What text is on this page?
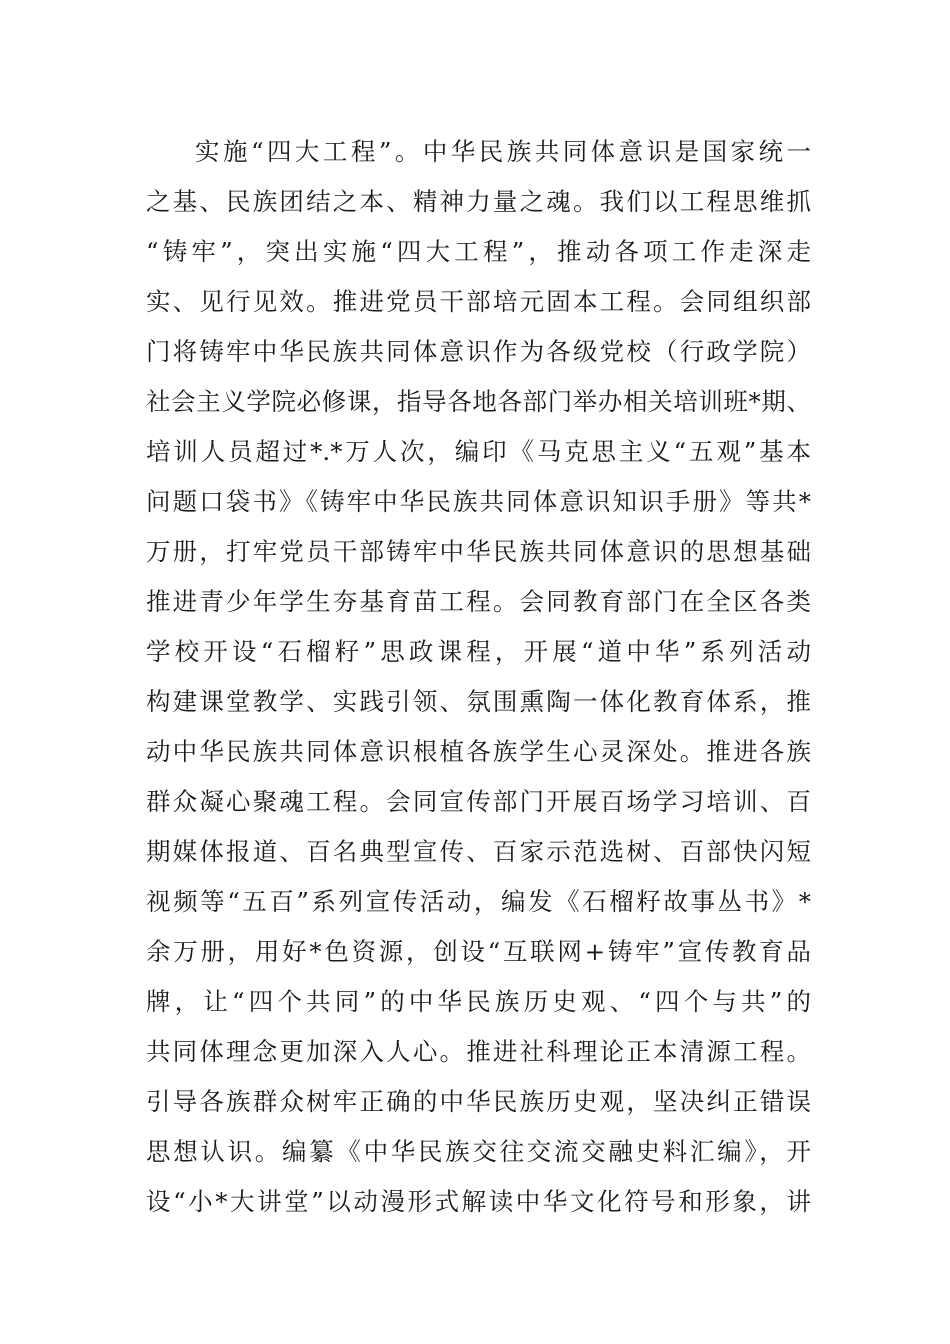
实施“四大工程”。中华民族共同体意识是国家统一
之基、民族团结之本、精神力量之魂。我们以工程思维抓
“铸牢”，突出实施“四大工程”，推动各项工作走深走
实、见行见效。推进党员干部培元固本工程。会同组织部
门将铸牢中华民族共同体意识作为各级党校（行政学院）
社会主义学院必修课，指导各地各部门举办相关培训班*期、
培训人员超过*.*万人次，编印《马克思主义“五观”基本
问题口袋书》《铸牢中华民族共同体意识知识手册》等共*
万册，打牢党员干部铸牢中华民族共同体意识的思想基础
推进青少年学生夯基育苗工程。会同教育部门在全区各类
学校开设“石榴籽”思政课程，开展“道中华”系列活动
构建课堂教学、实践引领、氛围熏陶一体化教育体系，推
动中华民族共同体意识根植各族学生心灵深处。推进各族
群众凝心聚魂工程。会同宣传部门开展百场学习培训、百
期媒体报道、百名典型宣传、百家示范选树、百部快闪短
视频等“五百”系列宣传活动，编发《石榴籽故事丛书》*
余万册，用好*色资源，创设“互联网+铸牢”宣传教育品
牌，让“四个共同”的中华民族历史观、“四个与共”的
共同体理念更加深入人心。推进社科理论正本清源工程。
引导各族群众树牢正确的中华民族历史观，坚决纠正错误
思想认识。编纂《中华民族交往交流交融史料汇编》，开
设“小*大讲堂”以动漫形式解读中华文化符号和形象，讲
